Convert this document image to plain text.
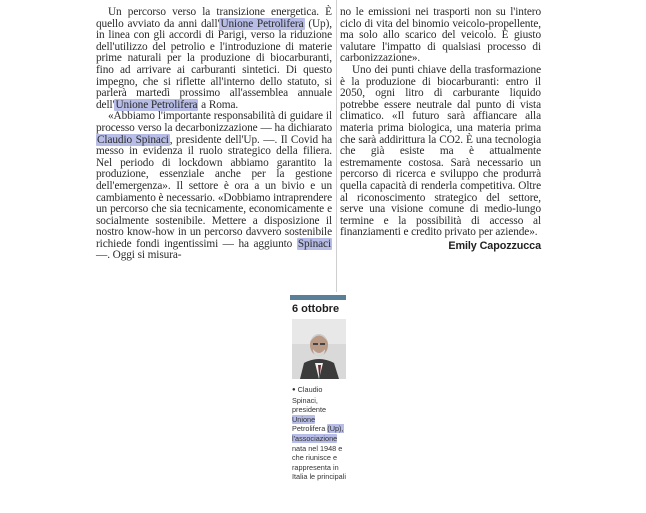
Un percorso verso la transizione energetica. È quello avviato da anni dall'Unione Petrolifera (Up), in linea con gli accordi di Parigi, verso la riduzione dell'utilizzo del petrolio e l'introduzione di materie prime naturali per la produzione di biocarburanti, fino ad arrivare ai carburanti sintetici. Di questo impegno, che si riflette all'interno dello statuto, si parlerà martedì prossimo all'assemblea annuale dell'Unione Petrolifera a Roma.

«Abbiamo l'importante responsabilità di guidare il processo verso la decarbonizzazione — ha dichiarato Claudio Spinaci, presidente dell'Up. —. Il Covid ha messo in evidenza il ruolo strategico della filiera. Nel periodo di lockdown abbiamo garantito la produzione, essenziale anche per la gestione dell'emergenza». Il settore è ora a un bivio e un cambiamento è necessario. «Dobbiamo intraprendere un percorso che sia tecnicamente, economicamente e socialmente sostenibile. Mettere a disposizione il nostro know-how in un percorso davvero sostenibile richiede fondi ingentissimi — ha aggiunto Spinaci —. Oggi si misura-

no le emissioni nei trasporti non su l'intero ciclo di vita del binomio veicolo-propellente, ma solo allo scarico del veicolo. È giusto valutare l'impatto di qualsiasi processo di carbonizzazione».

Uno dei punti chiave della trasformazione è la produzione di biocarburanti: entro il 2050, ogni litro di carburante liquido potrebbe essere neutrale dal punto di vista climatico. «Il futuro sarà affiancare alla materia prima biologica, una materia prima che sarà addirittura la CO2. È una tecnologia che già esiste ma è attualmente estremamente costosa. Sarà necessario un percorso di ricerca e sviluppo che produrrà quella capacità di renderla competitiva. Oltre al riconoscimento strategico del settore, serve una visione comune di medio-lungo termine e la possibilità di accesso al finanziamenti e credito privato per aziende».

Emily Capozzucca
6 ottobre
● Claudio Spinaci, presidente Unione Petrolifera (Up), l'associazione nata nel 1948 e che riunisce e rappresenta in Italia le principali
